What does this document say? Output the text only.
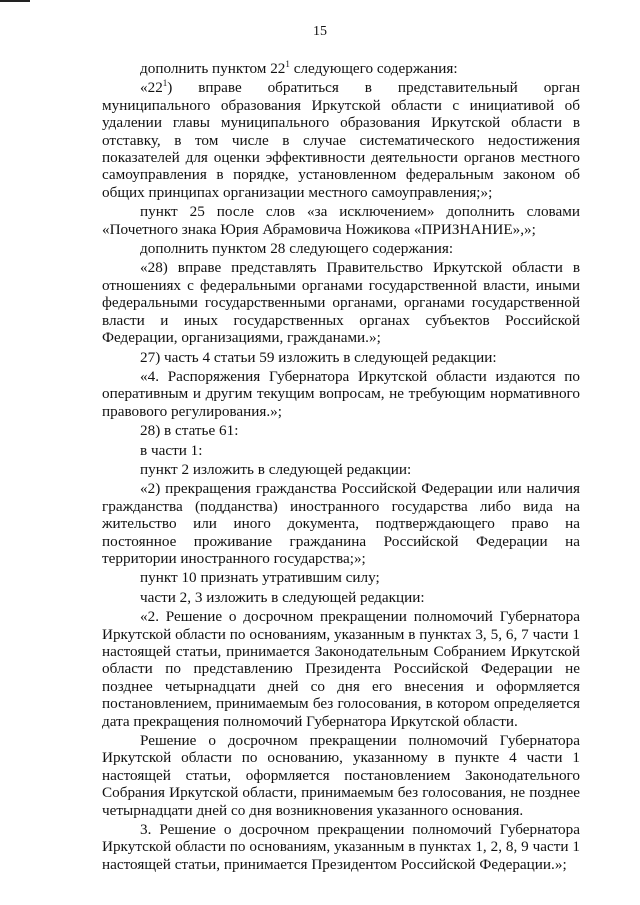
15

дополнить пунктом $22^1$ следующего содержания:

«$22^1$) вправе обратиться в представительный орган муниципального образования Иркутской области с инициативой об удалении главы муниципального образования Иркутской области в отставку, в том числе в случае систематического недостижения показателей для оценки эффективности деятельности органов местного самоуправления в порядке, установленном федеральным законом об общих принципах организации местного самоуправления;»;

пункт 25 после слов «за исключением» дополнить словами «Почетного знака Юрия Абрамовича Ножикова «ПРИЗНАНИЕ»,»;

дополнить пунктом 28 следующего содержания:

«28) вправе представлять Правительство Иркутской области в отношениях с федеральными органами государственной власти, иными федеральными государственными органами, органами государственной власти и иных государственных органах субъектов Российской Федерации, организациями, гражданами.»;

27) часть 4 статьи 59 изложить в следующей редакции:

«4. Распоряжения Губернатора Иркутской области издаются по оперативным и другим текущим вопросам, не требующим нормативного правового регулирования.»;

28) в статье 61:

в части 1:

пункт 2 изложить в следующей редакции:

«2) прекращения гражданства Российской Федерации или наличия гражданства (подданства) иностранного государства либо вида на жительство или иного документа, подтверждающего право на постоянное проживание гражданина Российской Федерации на территории иностранного государства;»;

пункт 10 признать утратившим силу;

части 2, 3 изложить в следующей редакции:

«2. Решение о досрочном прекращении полномочий Губернатора Иркутской области по основаниям, указанным в пунктах 3, 5, 6, 7 части 1 настоящей статьи, принимается Законодательным Собранием Иркутской области по представлению Президента Российской Федерации не позднее четырнадцати дней со дня его внесения и оформляется постановлением, принимаемым без голосования, в котором определяется дата прекращения полномочий Губернатора Иркутской области.

Решение о досрочном прекращении полномочий Губернатора Иркутской области по основанию, указанному в пункте 4 части 1 настоящей статьи, оформляется постановлением Законодательного Собрания Иркутской области, принимаемым без голосования, не позднее четырнадцати дней со дня возникновения указанного основания.

3. Решение о досрочном прекращении полномочий Губернатора Иркутской области по основаниям, указанным в пунктах 1, 2, 8, 9 части 1 настоящей статьи, принимается Президентом Российской Федерации.»;
